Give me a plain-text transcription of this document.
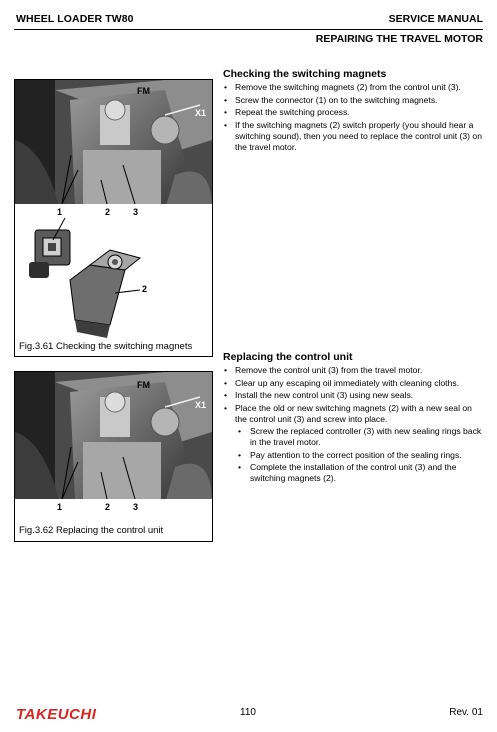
WHEEL LOADER TW80	SERVICE MANUAL
REPAIRING THE TRAVEL MOTOR
FM
X1
1	2	3
2
Fig.3.61 Checking the switching magnets
FM
X1
1	2	3
Fig.3.62 Replacing the control unit
Checking the switching magnets
• Remove the switching magnets (2) from the control unit (3).
• Screw the connector (1) on to the switching magnets.
• Repeat the switching process.
• If the switching magnets (2) switch properly (you should hear a switching sound), then you need to replace the control unit (3) on the travel motor.
Replacing the control unit
• Remove the control unit (3) from the travel motor.
• Clear up any escaping oil immediately with cleaning cloths.
• Install the new control unit (3) using new seals.
• Place the old or new switching magnets (2) with a new seal on the control unit (3) and screw into place.
• Screw the replaced controller (3) with new sealing rings back in the travel motor.
• Pay attention to the correct position of the sealing rings.
• Complete the installation of the control unit (3) and the switching magnets (2).
TAKEUCHI	110	Rev. 01
